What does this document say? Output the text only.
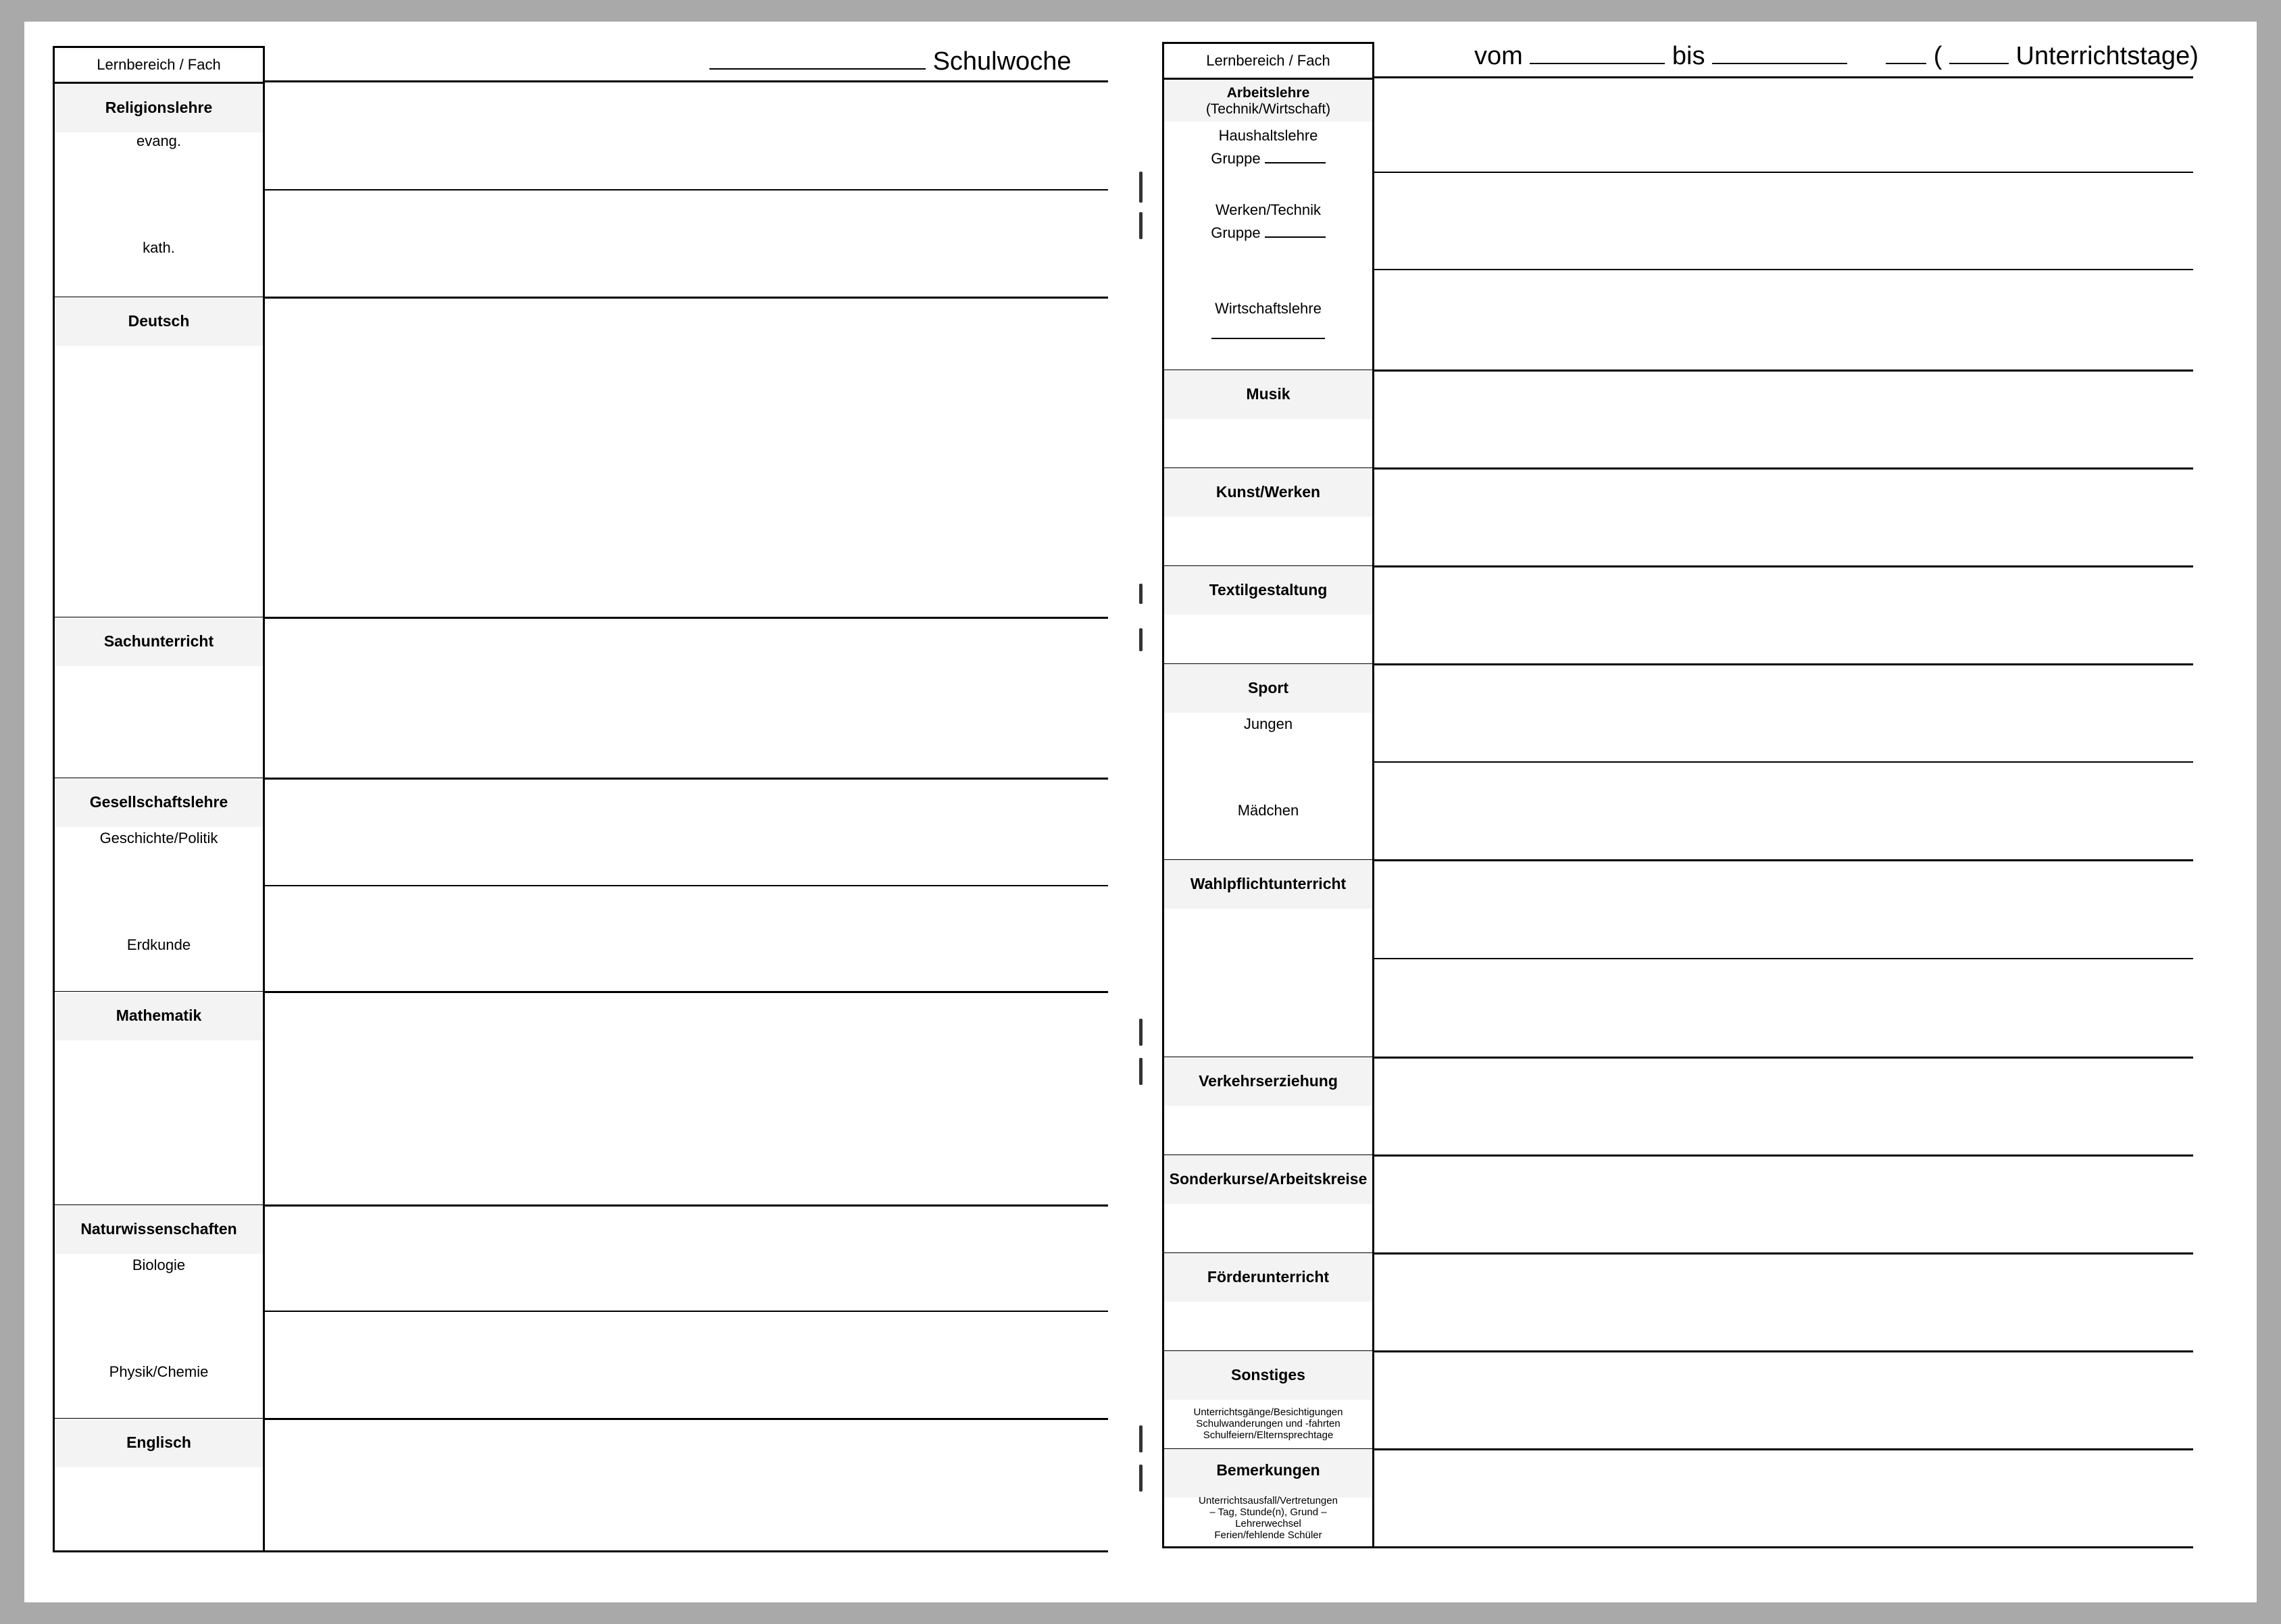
Lernbereich / Fach	Schulwoche
Religionslehre
evang.
kath.
Deutsch
Sachunterricht
Gesellschaftslehre
Geschichte/Politik
Erdkunde
Mathematik
Naturwissenschaften
Biologie
Physik/Chemie
Englisch
Lernbereich / Fach	vom	bis	(	Unterrichtstage)
Arbeitslehre
(Technik/Wirtschaft)
Haushaltslehre
Gruppe
Werken/Technik
Gruppe
Wirtschaftslehre
Musik
Kunst/Werken
Textilgestaltung
Sport
Jungen
Mädchen
Wahlpflichtunterricht
Verkehrserziehung
Sonderkurse/Arbeitskreise
Förderunterricht
Sonstiges
Unterrichtsgänge/Besichtigungen
Schulwanderungen und -fahrten
Schulfeiern/Elternsprechtage
Bemerkungen
Unterrichtsausfall/Vertretungen
– Tag, Stunde(n), Grund –
Lehrerwechsel
Ferien/fehlende Schüler
